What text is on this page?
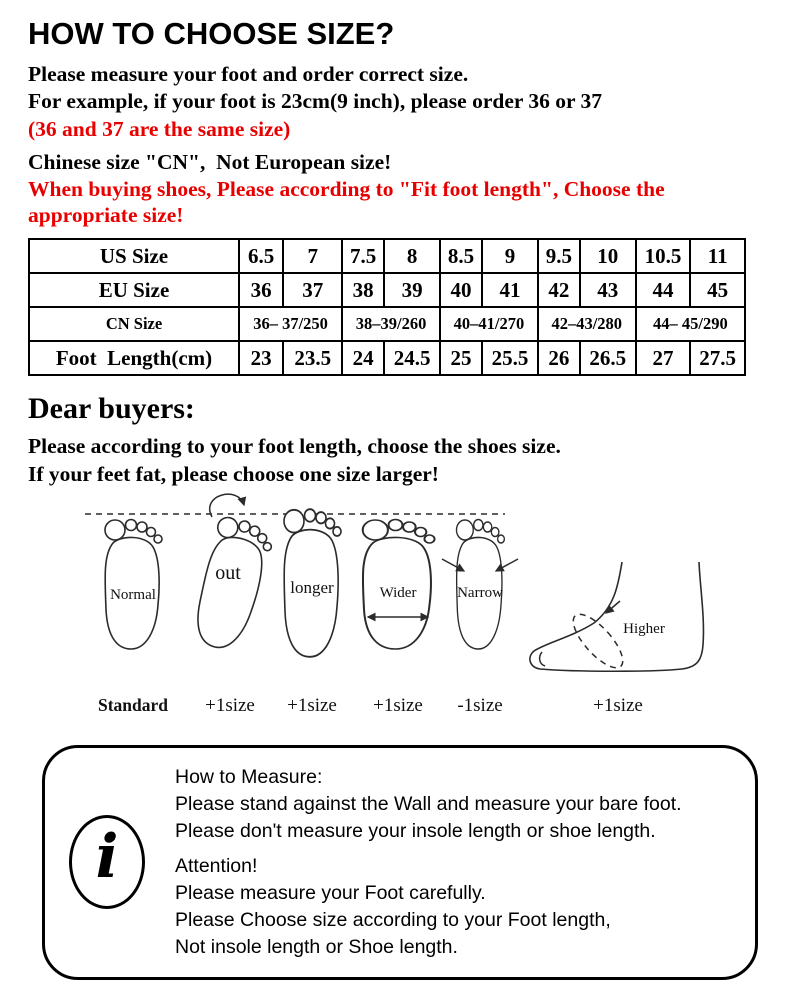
HOW TO CHOOSE SIZE?

Please measure your foot and order correct size.

For example, if your foot is 23cm(9 inch), please order 36 or 37

(36 and 37 are the same size)

Chinese size "CN",  Not European size!

When buying shoes, Please according to "Fit foot length", Choose the appropriate size!

US Size	6.5	7	7.5	8	8.5	9	9.5	10	10.5	11
EU Size	36	37	38	39	40	41	42	43	44	45
CN Size	36– 37/250		38–39/260		40–41/270		42–43/280		44– 45/290	
Foot  Length(cm)	23	23.5	24	24.5	25	25.5	26	26.5	27	27.5
Dear buyers:

Please according to your foot length, choose the shoes size.

If your feet fat, please choose one size larger!

Normal
out
longer	Wider	Narrow
Higher
Standard +1size +1size +1size -1size	+1size
i

How to Measure:

Please stand against the Wall and measure your bare foot.

Please don't measure your insole length or shoe length.

Attention!

Please measure your Foot carefully.

Please Choose size according to your Foot length,

Not insole length or Shoe length.
